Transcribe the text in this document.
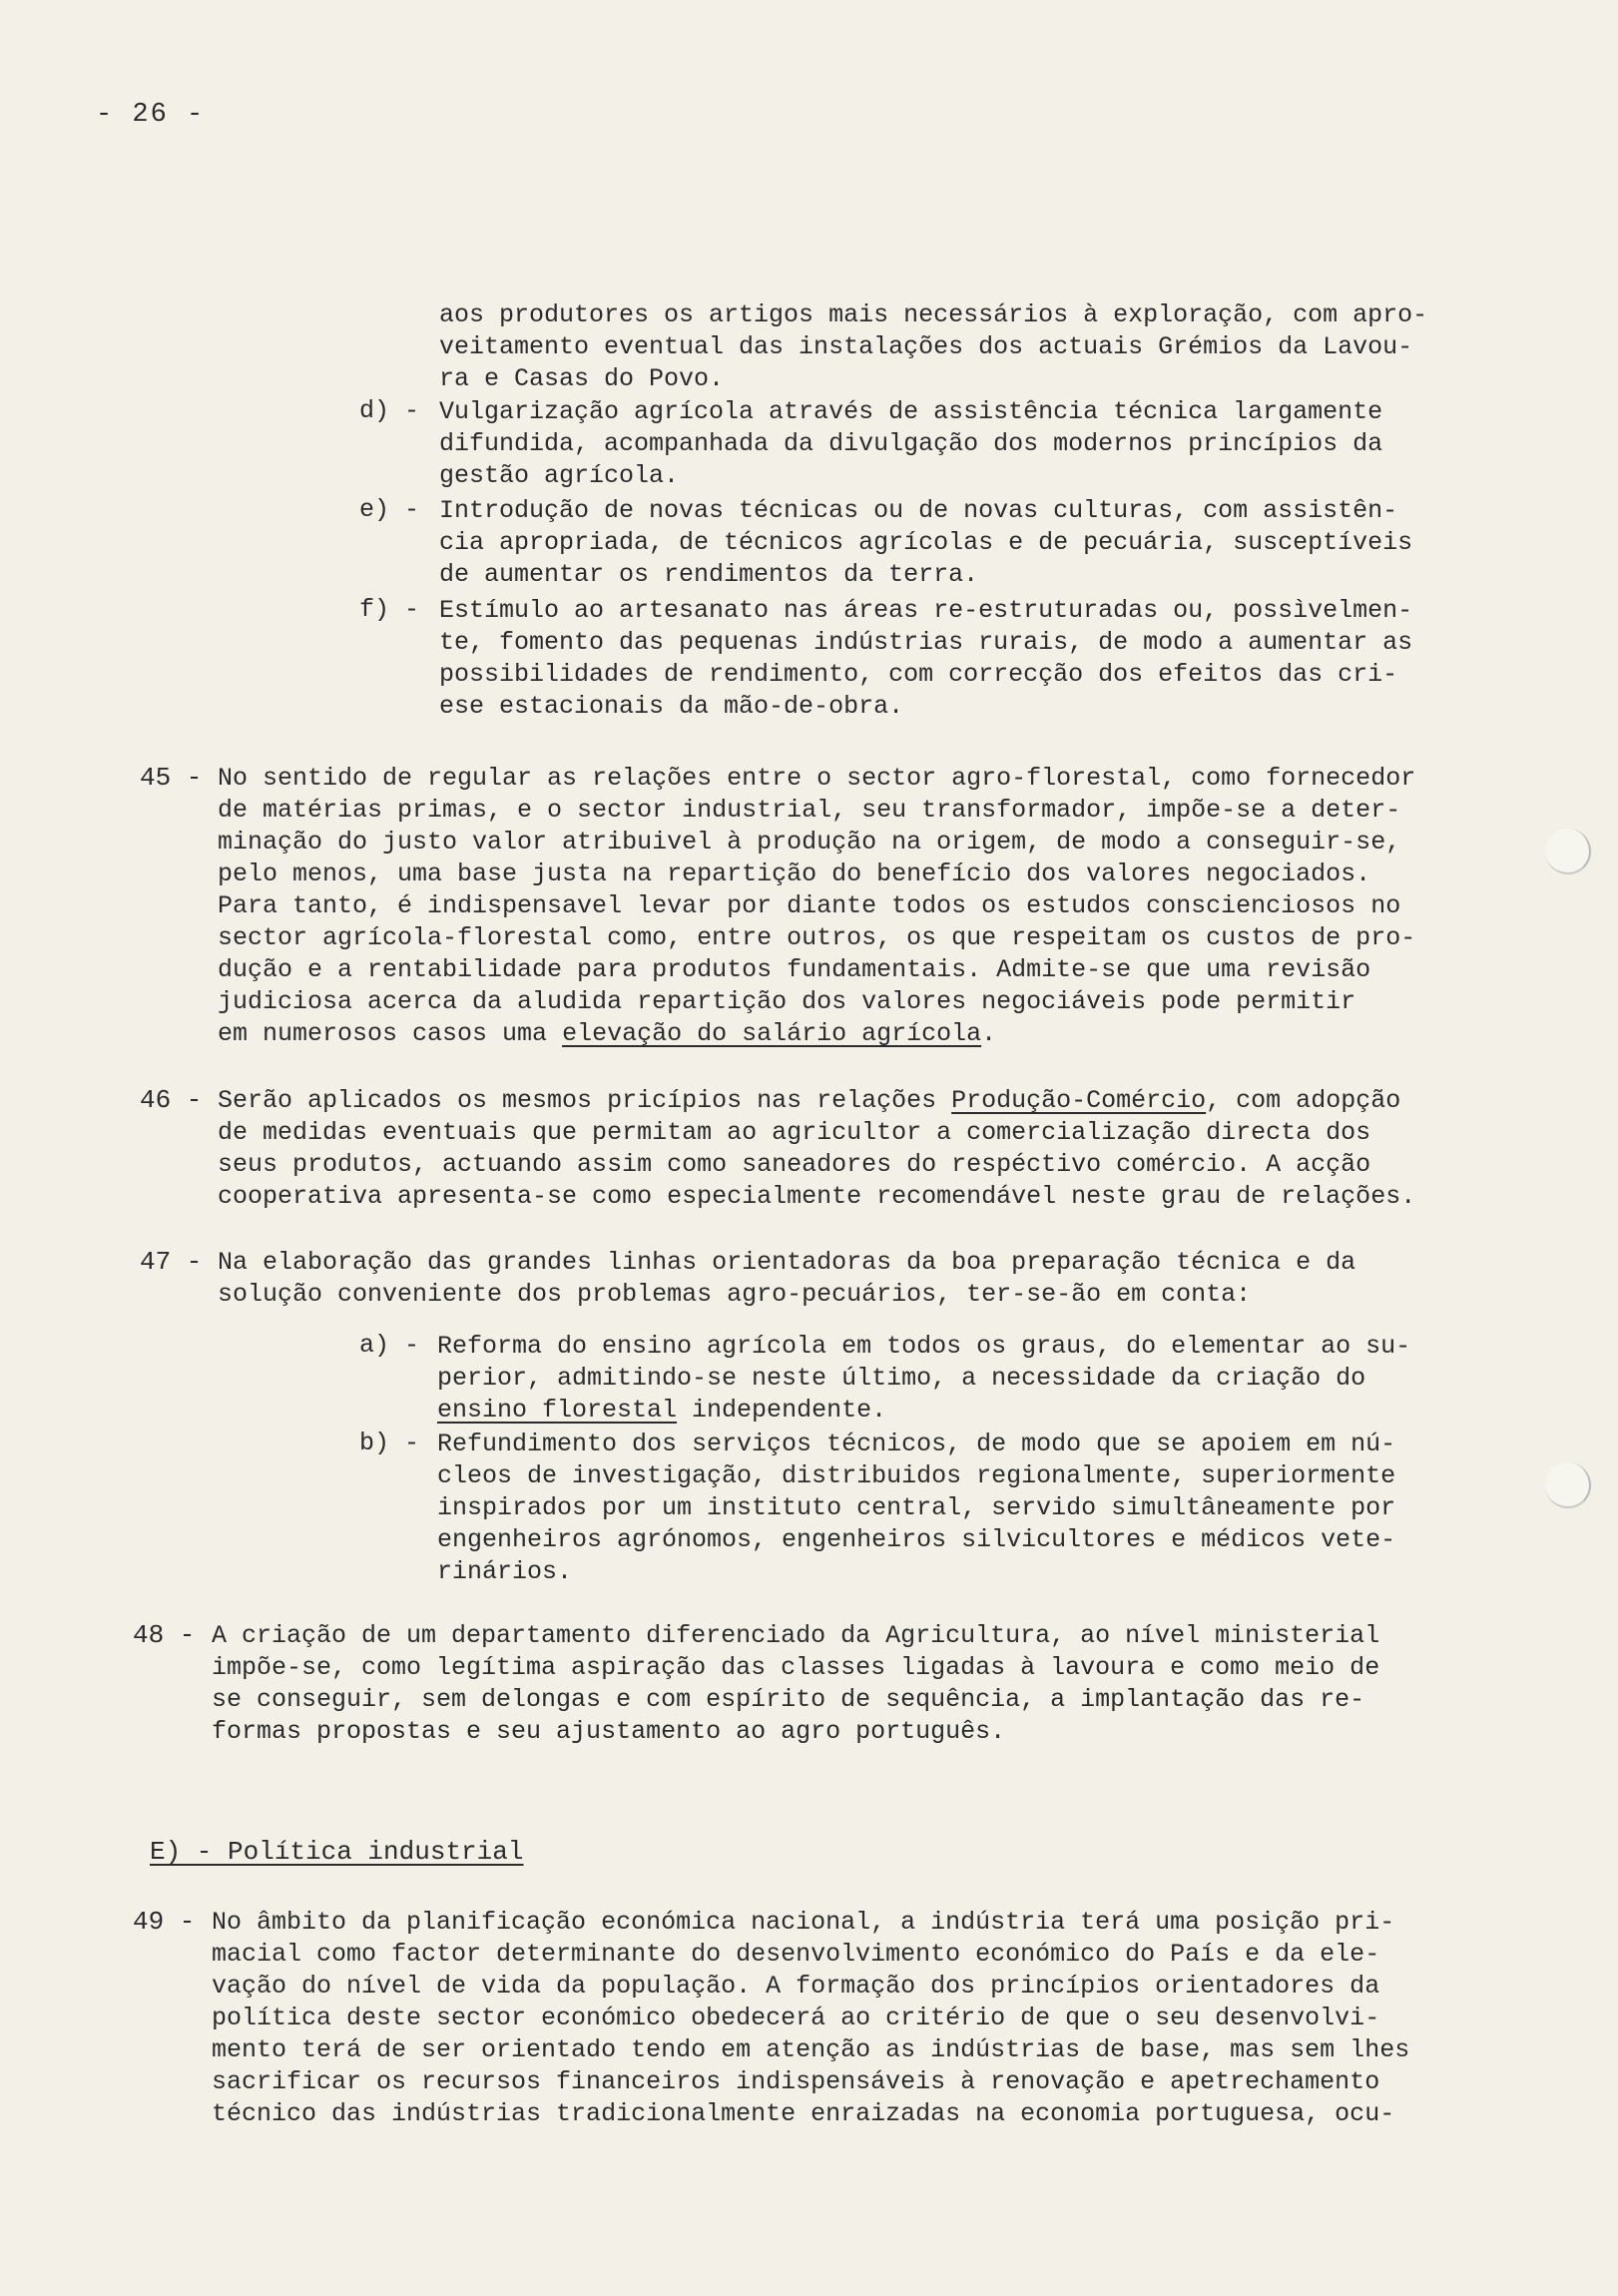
- 26 -
aos produtores os artigos mais necessários à exploração, com apro-
veitamento eventual das instalações dos actuais Grémios da Lavou-
ra e Casas do Povo.
d) - Vulgarização agrícola através de assistência técnica largamente
difundida, acompanhada da divulgação dos modernos princípios da
gestão agrícola.
e) - Introdução de novas técnicas ou de novas culturas, com assistên-
cia apropriada, de técnicos agrícolas e de pecuária, susceptíveis
de aumentar os rendimentos da terra.
f) - Estímulo ao artesanato nas áreas re-estruturadas ou, possìvelmen-
te, fomento das pequenas indústrias rurais, de modo a aumentar as
possibilidades de rendimento, com correcção dos efeitos das cri-
ese estacionais da mão-de-obra.
45 - No sentido de regular as relações entre o sector agro-florestal, como fornecedor
de matérias primas, e o sector industrial, seu transformador, impõe-se a deter-
minação do justo valor atribuivel à produção na origem, de modo a conseguir-se,
pelo menos, uma base justa na repartição do benefício dos valores negociados.
Para tanto, é indispensavel levar por diante todos os estudos conscienciosos no
sector agrícola-florestal como, entre outros, os que respeitam os custos de pro-
dução e a rentabilidade para produtos fundamentais. Admite-se que uma revisão
judiciosa acerca da aludida repartição dos valores negociáveis pode permitir
em numerosos casos uma elevação do salário agrícola.
46 - Serão aplicados os mesmos pricípios nas relações Produção-Comércio, com adopção
de medidas eventuais que permitam ao agricultor a comercialização directa dos
seus produtos, actuando assim como saneadores do respéctivo comércio. A acção
cooperativa apresenta-se como especialmente recomendável neste grau de relações.
47 - Na elaboração das grandes linhas orientadoras da boa preparação técnica e da
solução conveniente dos problemas agro-pecuários, ter-se-ão em conta:
a) - Reforma do ensino agrícola em todos os graus, do elementar ao su-
perior, admitindo-se neste último, a necessidade da criação do
ensino florestal independente.
b) - Refundimento dos serviços técnicos, de modo que se apoiem em nú-
cleos de investigação, distribuidos regionalmente, superiormente
inspirados por um instituto central, servido simultâneamente por
engenheiros agrónomos, engenheiros silvicultores e médicos vete-
rinários.
48 - A criação de um departamento diferenciado da Agricultura, ao nível ministerial
impõe-se, como legítima aspiração das classes ligadas à lavoura e como meio de
se conseguir, sem delongas e com espírito de sequência, a implantação das re-
formas propostas e seu ajustamento ao agro português.
E) - Política industrial
49 - No âmbito da planificação económica nacional, a indústria terá uma posição pri-
macial como factor determinante do desenvolvimento económico do País e da ele-
vação do nível de vida da população. A formação dos princípios orientadores da
política deste sector económico obedecerá ao critério de que o seu desenvolvi-
mento terá de ser orientado tendo em atenção as indústrias de base, mas sem lhes
sacrificar os recursos financeiros indispensáveis à renovação e apetrechamento
técnico das indústrias tradicionalmente enraizadas na economia portuguesa, ocu-
